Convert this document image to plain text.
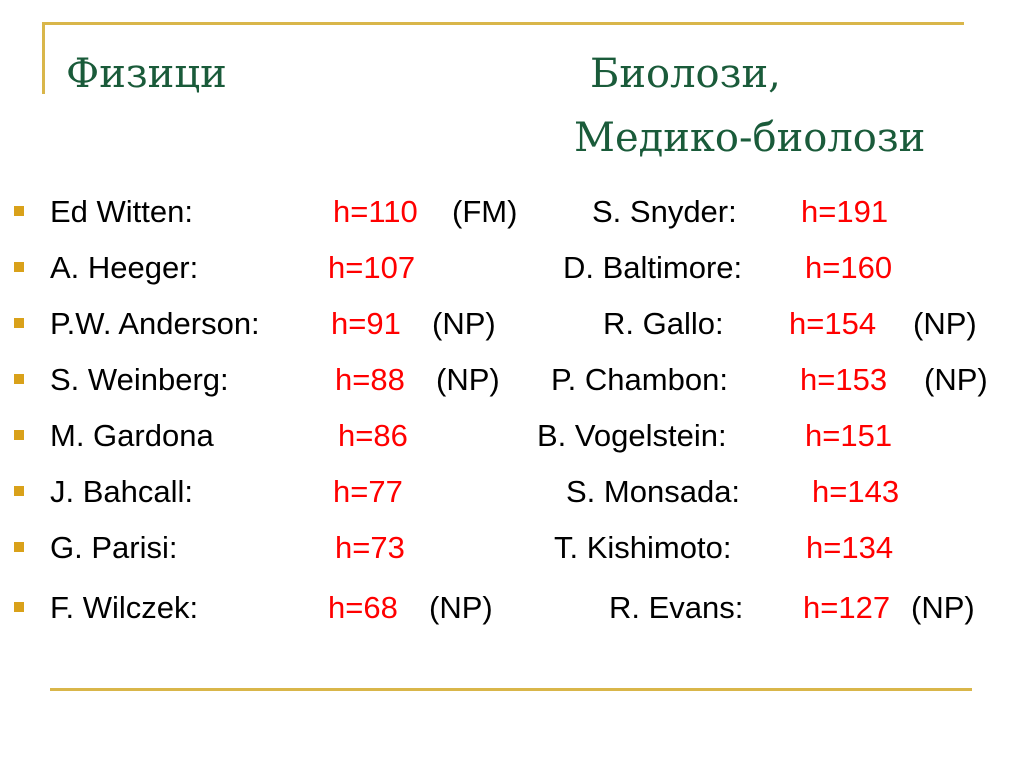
Физици	Биолози,
Медико-биолози
Ed Witten:	h=110 (FM) S. Snyder: h=191
A. Heeger:	h=107	D. Baltimore: h=160
P.W. Anderson: h=91 (NP)	R. Gallo: h=154 (NP)
S. Weinberg:	h=88 (NP) P. Chambon: h=153 (NP)
M. Gardona	h=86	B. Vogelstein:	h=151
J. Bahcall:	h=77	S. Monsada: h=143
G. Parisi:	h=73	T. Kishimoto: h=134
F. Wilczek:	h=68 (NP)	R. Evans: h=127 (NP)
